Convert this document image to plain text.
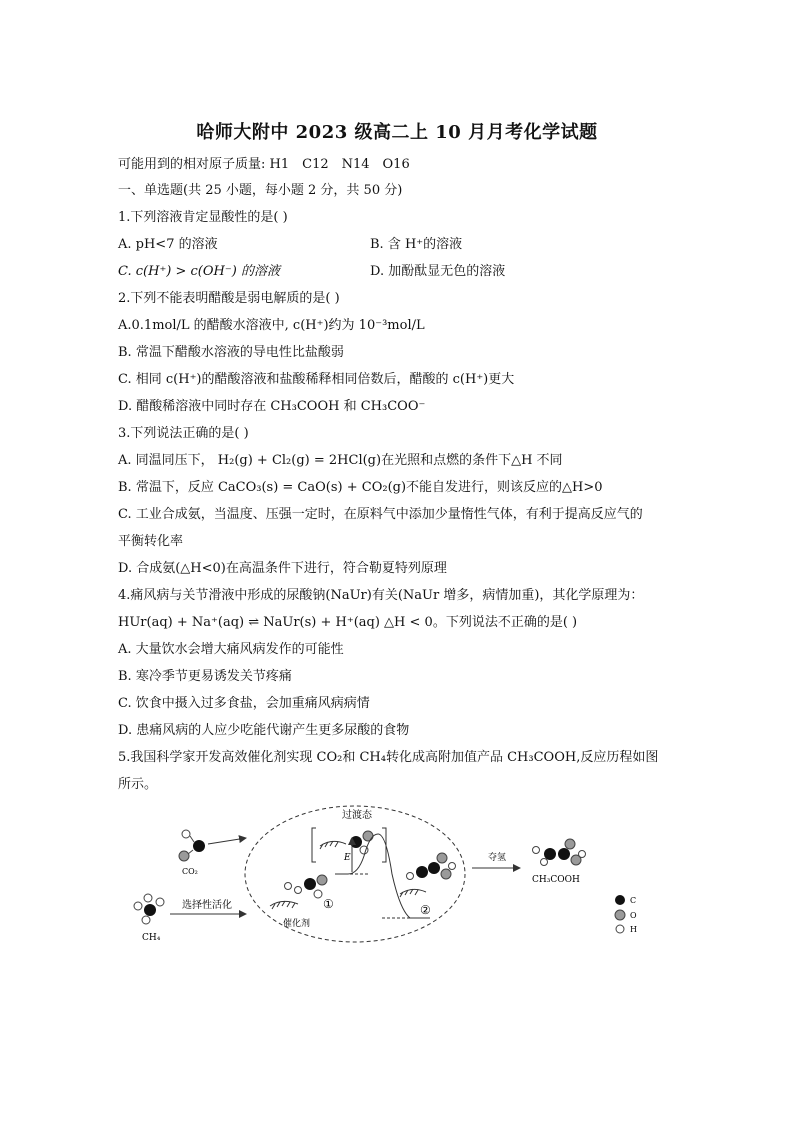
哈师大附中 2023 级高二上 10 月月考化学试题
可能用到的相对原子质量: H1　C12　N14　O16
一、单选题(共 25 小题，每小题 2 分，共 50 分)
1.下列溶液肯定显酸性的是( )
A. pH<7 的溶液	B. 含 H⁺的溶液
C. c(H⁺) > c(OH⁻) 的溶液	D. 加酚酞显无色的溶液
2.下列不能表明醋酸是弱电解质的是( )
A.0.1mol/L 的醋酸水溶液中, c(H⁺)约为 10⁻³mol/L
B. 常温下醋酸水溶液的导电性比盐酸弱
C. 相同 c(H⁺)的醋酸溶液和盐酸稀释相同倍数后，醋酸的 c(H⁺)更大
D. 醋酸稀溶液中同时存在 CH₃COOH 和 CH₃COO⁻
3.下列说法正确的是( )
A. 同温同压下， H₂(g) + Cl₂(g) = 2HCl(g)在光照和点燃的条件下△H 不同
B. 常温下，反应 CaCO₃(s) = CaO(s) + CO₂(g)不能自发进行，则该反应的△H>0
C. 工业合成氨，当温度、压强一定时，在原料气中添加少量惰性气体，有利于提高反应气的
平衡转化率
D. 合成氨(△H<0)在高温条件下进行，符合勒夏特列原理
4.痛风病与关节滑液中形成的尿酸钠(NaUr)有关(NaUr 增多，病情加重)，其化学原理为：
HUr(aq) + Na⁺(aq) ⇌ NaUr(s) + H⁺(aq) △H < 0。下列说法不正确的是( )
A. 大量饮水会增大痛风病发作的可能性
B. 寒冷季节更易诱发关节疼痛
C. 饮食中摄入过多食盐，会加重痛风病病情
D. 患痛风病的人应少吃能代谢产生更多尿酸的食物
5.我国科学家开发高效催化剂实现 CO₂和 CH₄转化成高附加值产品 CH₃COOH,反应历程如图
所示。
CO₂
CH₄
选择性活化
催化剂
①
过渡态
E
②
夺氢
CH₃COOH
C
O
H
